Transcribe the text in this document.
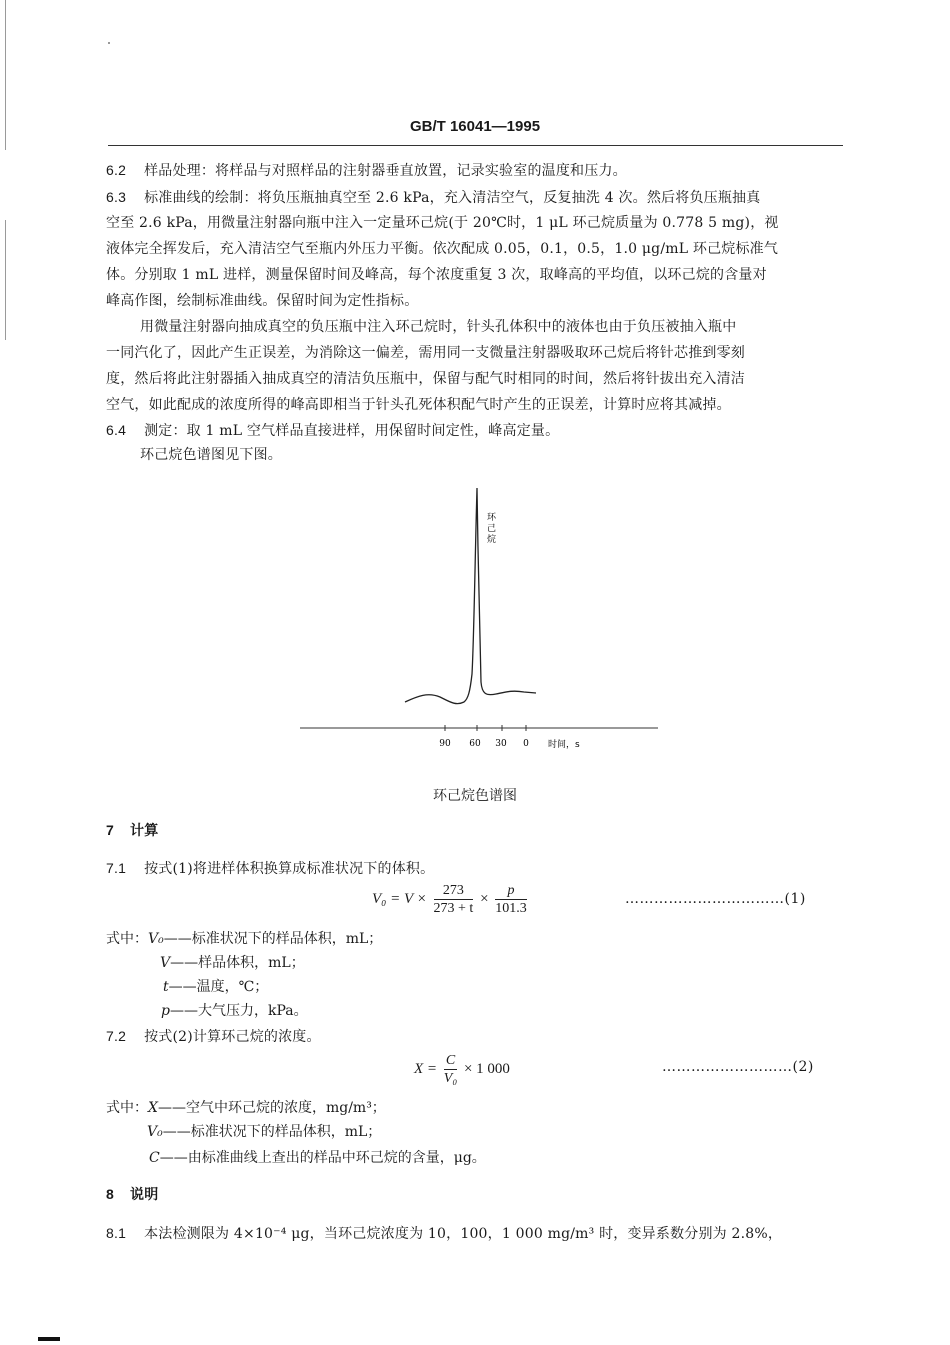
GB/T 16041—1995
6.2 样品处理：将样品与对照样品的注射器垂直放置，记录实验室的温度和压力。
6.3 标准曲线的绘制：将负压瓶抽真空至 2.6 kPa，充入清洁空气，反复抽洗 4 次。然后将负压瓶抽真
空至 2.6 kPa，用微量注射器向瓶中注入一定量环己烷(于 20℃时，1 μL 环己烷质量为 0.778 5 mg)，视
液体完全挥发后，充入清洁空气至瓶内外压力平衡。依次配成 0.05，0.1，0.5，1.0 μg/mL 环己烷标准气
体。分别取 1 mL 进样，测量保留时间及峰高，每个浓度重复 3 次，取峰高的平均值，以环己烷的含量对
峰高作图，绘制标准曲线。保留时间为定性指标。
用微量注射器向抽成真空的负压瓶中注入环己烷时，针头孔体积中的液体也由于负压被抽入瓶中
一同汽化了，因此产生正误差，为消除这一偏差，需用同一支微量注射器吸取环己烷后将针芯推到零刻
度，然后将此注射器插入抽成真空的清洁负压瓶中，保留与配气时相同的时间，然后将针拔出充入清洁
空气，如此配成的浓度所得的峰高即相当于针头孔死体积配气时产生的正误差，计算时应将其减掉。
6.4 测定：取 1 mL 空气样品直接进样，用保留时间定性，峰高定量。
环己烷色谱图见下图。
环
己
烷
90 60 30 0 时间，s
环己烷色谱图
7 计算
7.1 按式(1)将进样体积换算成标准状况下的体积。
$V_0 = V \times \frac{273}{273 + t} \times \frac{p}{101.3}$	……………………………(1)
式中：V₀——标准状况下的样品体积，mL；
V——样品体积，mL；
t——温度，℃；
p——大气压力，kPa。
7.2 按式(2)计算环己烷的浓度。
$X = \frac{C}{\text{V₀}} \times 1$ 000	………………………(2)
式中：X——空气中环己烷的浓度，mg/m³；
V₀——标准状况下的样品体积，mL；
C——由标准曲线上查出的样品中环己烷的含量，μg。
8 说明
8.1 本法检测限为 4×10⁻⁴ μg，当环己烷浓度为 10，100，1 000 mg/m³ 时，变异系数分别为 2.8%，
